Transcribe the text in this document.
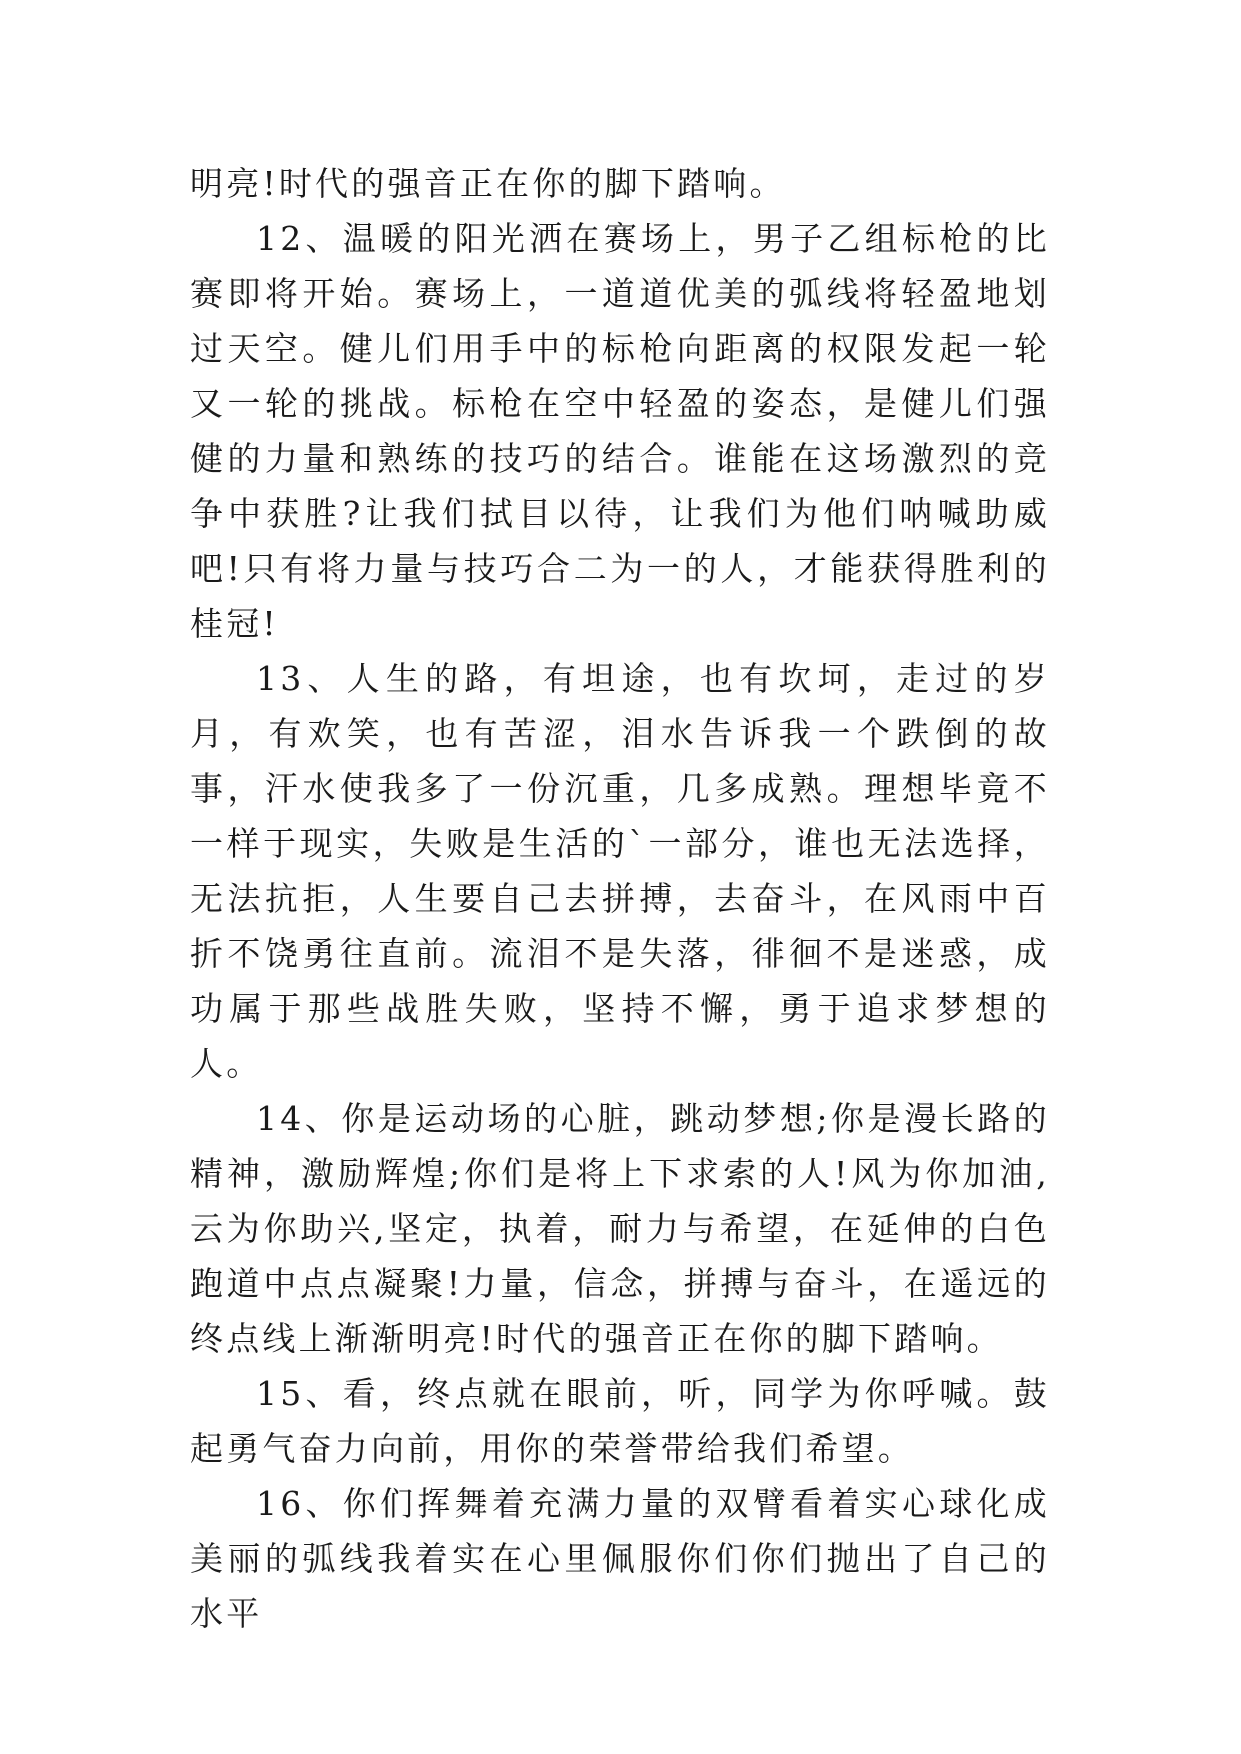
明亮!时代的强音正在你的脚下踏响。

12、温暖的阳光洒在赛场上，男子乙组标枪的比赛即将开始。赛场上，一道道优美的弧线将轻盈地划过天空。健儿们用手中的标枪向距离的权限发起一轮又一轮的挑战。标枪在空中轻盈的姿态，是健儿们强健的力量和熟练的技巧的结合。谁能在这场激烈的竞争中获胜?让我们拭目以待，让我们为他们呐喊助威吧!只有将力量与技巧合二为一的人，才能获得胜利的桂冠!

13、人生的路，有坦途，也有坎坷，走过的岁月，有欢笑，也有苦涩，泪水告诉我一个跌倒的故事，汗水使我多了一份沉重，几多成熟。理想毕竟不一样于现实，失败是生活的`一部分，谁也无法选择，无法抗拒，人生要自己去拼搏，去奋斗，在风雨中百折不饶勇往直前。流泪不是失落，徘徊不是迷惑，成功属于那些战胜失败，坚持不懈，勇于追求梦想的人。

14、你是运动场的心脏，跳动梦想;你是漫长路的精神，激励辉煌;你们是将上下求索的人!风为你加油,云为你助兴,坚定，执着，耐力与希望，在延伸的白色跑道中点点凝聚!力量，信念，拼搏与奋斗，在遥远的终点线上渐渐明亮!时代的强音正在你的脚下踏响。

15、看，终点就在眼前，听，同学为你呼喊。鼓起勇气奋力向前，用你的荣誉带给我们希望。

16、你们挥舞着充满力量的双臂看着实心球化成美丽的弧线我着实在心里佩服你们你们抛出了自己的水平
